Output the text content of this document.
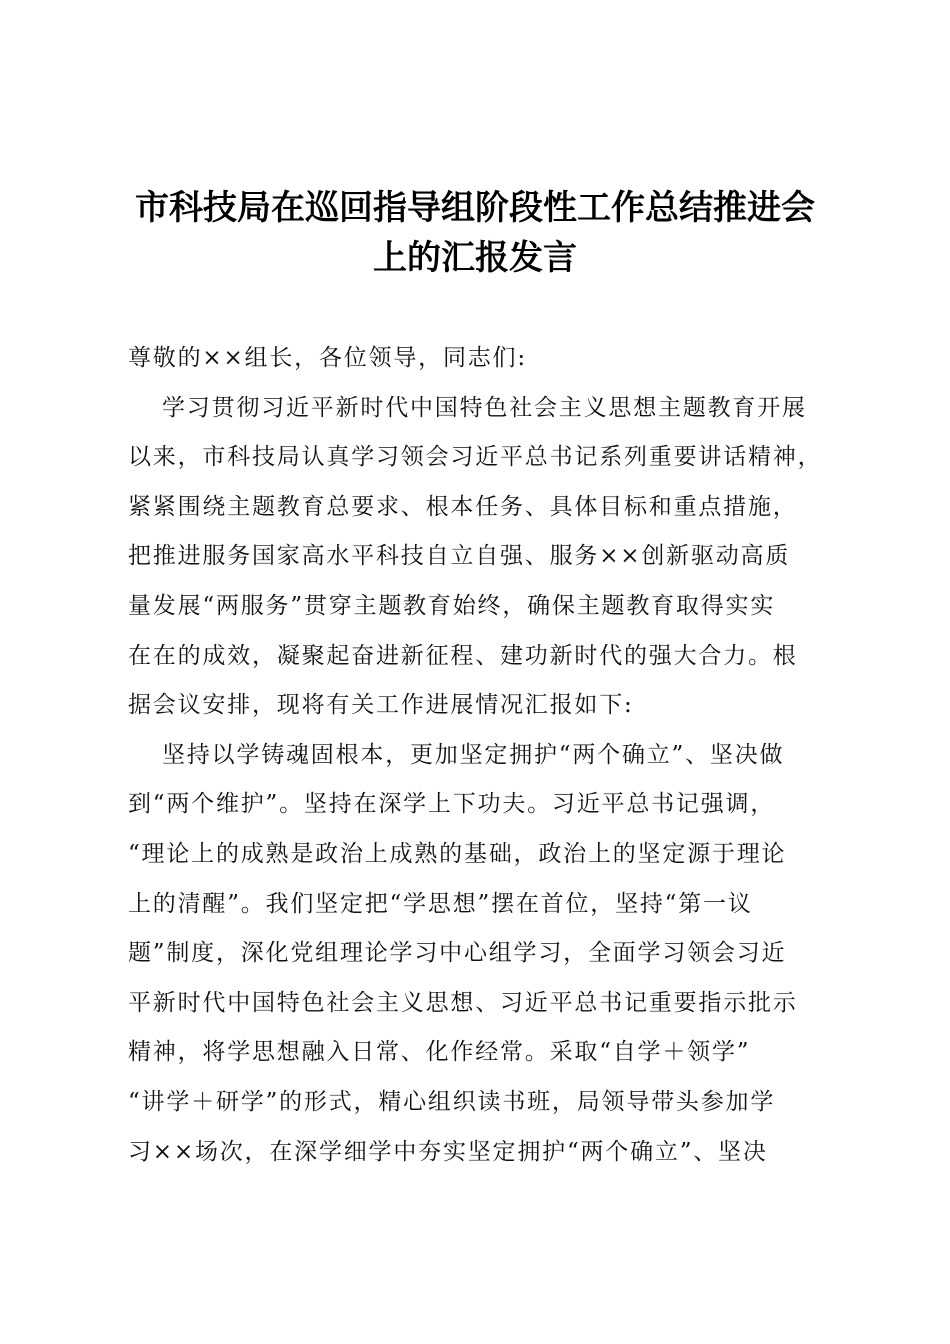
市科技局在巡回指导组阶段性工作总结推进会
上的汇报发言
尊敬的××组长，各位领导，同志们:
学习贯彻习近平新时代中国特色社会主义思想主题教育开展
以来，市科技局认真学习领会习近平总书记系列重要讲话精神，
紧紧围绕主题教育总要求、根本任务、具体目标和重点措施，
把推进服务国家高水平科技自立自强、服务××创新驱动高质
量发展“两服务”贯穿主题教育始终，确保主题教育取得实实
在在的成效，凝聚起奋进新征程、建功新时代的强大合力。根
据会议安排，现将有关工作进展情况汇报如下:
坚持以学铸魂固根本，更加坚定拥护“两个确立”、坚决做
到“两个维护”。坚持在深学上下功夫。习近平总书记强调，
“理论上的成熟是政治上成熟的基础，政治上的坚定源于理论
上的清醒”。我们坚定把“学思想”摆在首位，坚持“第一议
题”制度，深化党组理论学习中心组学习，全面学习领会习近
平新时代中国特色社会主义思想、习近平总书记重要指示批示
精神，将学思想融入日常、化作经常。采取“自学＋领学”
“讲学＋研学”的形式，精心组织读书班，局领导带头参加学
习××场次，在深学细学中夯实坚定拥护“两个确立”、坚决
